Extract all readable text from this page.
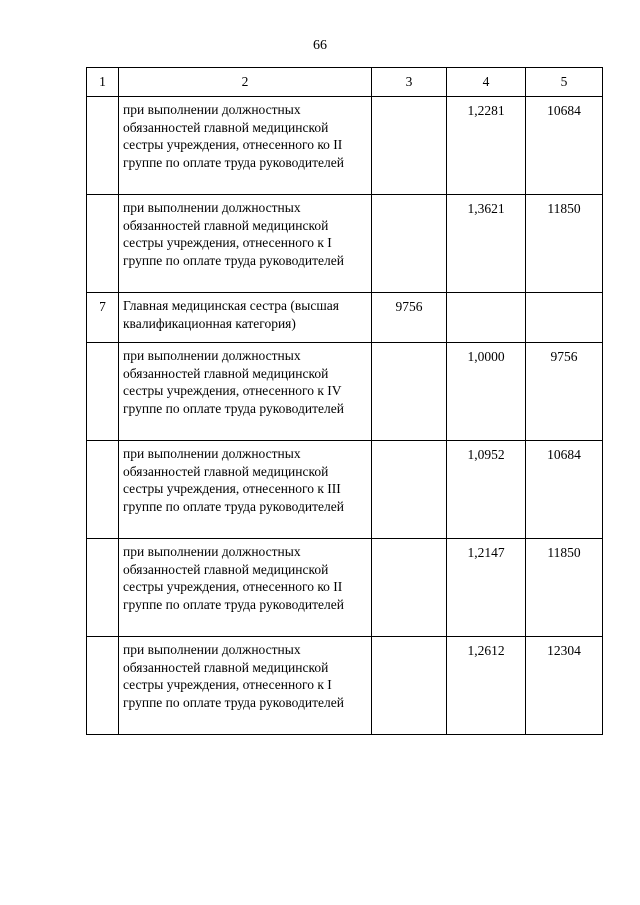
66
1	2	3	4	5
	при выполнении должностных обязанностей главной медицинской сестры учреждения, отнесенного ко II группе по оплате труда руководителей		1,2281	10684
	при выполнении должностных обязанностей главной медицинской сестры учреждения, отнесенного к I группе по оплате труда руководителей		1,3621	11850
7	Главная медицинская сестра (высшая квалификационная категория)	9756		
	при выполнении должностных обязанностей главной медицинской сестры учреждения, отнесенного к IV группе по оплате труда руководителей		1,0000	9756
	при выполнении должностных обязанностей главной медицинской сестры учреждения, отнесенного к III группе по оплате труда руководителей		1,0952	10684
	при выполнении должностных обязанностей главной медицинской сестры учреждения, отнесенного ко II группе по оплате труда руководителей		1,2147	11850
	при выполнении должностных обязанностей главной медицинской сестры учреждения, отнесенного к I группе по оплате труда руководителей		1,2612	12304
